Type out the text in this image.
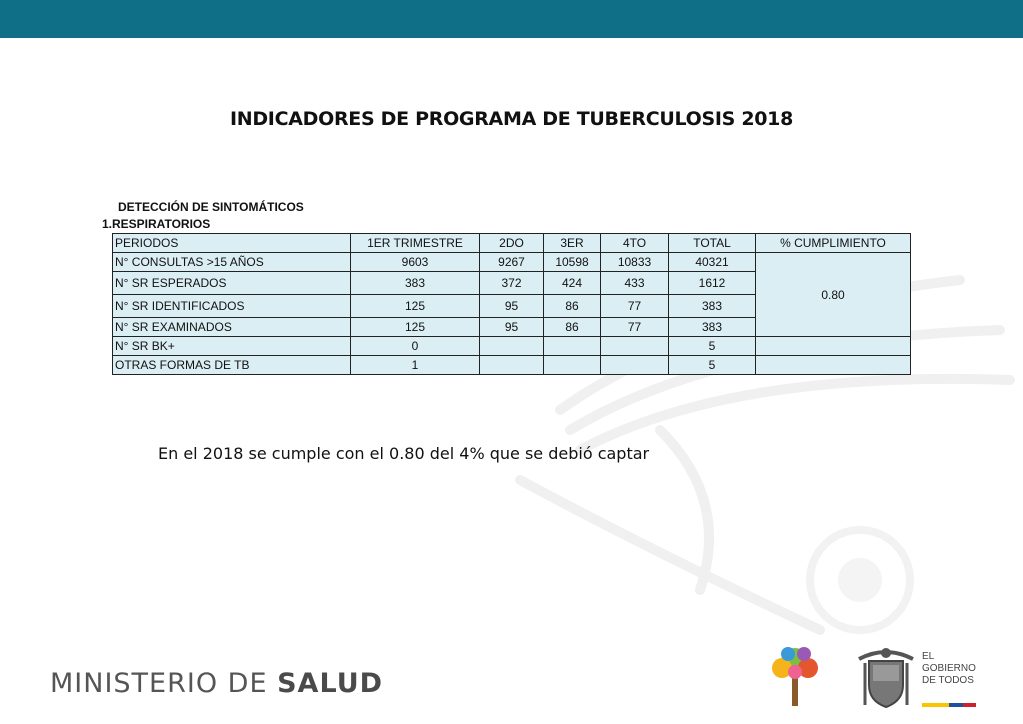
INDICADORES DE PROGRAMA DE TUBERCULOSIS 2018
DETECCIÓN DE SINTOMÁTICOS
1.RESPIRATORIOS
PERIODOS	1ER TRIMESTRE	2DO	3ER	4TO	TOTAL	% CUMPLIMIENTO
N° CONSULTAS >15 AÑOS	9603	9267	10598	10833	40321	0.80
N° SR ESPERADOS	383	372	424	433	1612	
N° SR IDENTIFICADOS	125	95	86	77	383	
N° SR EXAMINADOS	125	95	86	77	383	
N° SR BK+	0				5	
OTRAS FORMAS DE TB	1				5	
En el 2018 se cumple con el 0.80 del 4% que se debió captar
MINISTERIO DE SALUD
EL
GOBIERNO
DE TODOS
